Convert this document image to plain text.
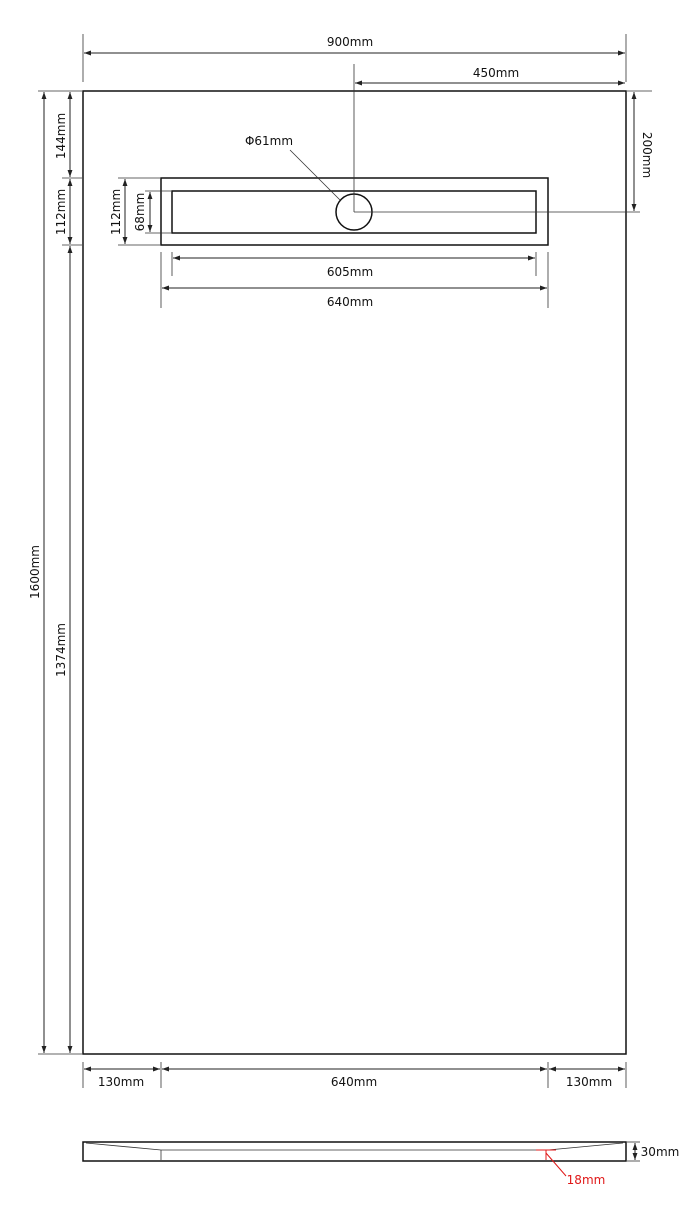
900mm
450mm
200mm
1600mm
144mm
112mm
1374mm
112mm 68mm
Φ61mm
605mm
640mm
130mm	640mm	130mm
30mm
18mm
